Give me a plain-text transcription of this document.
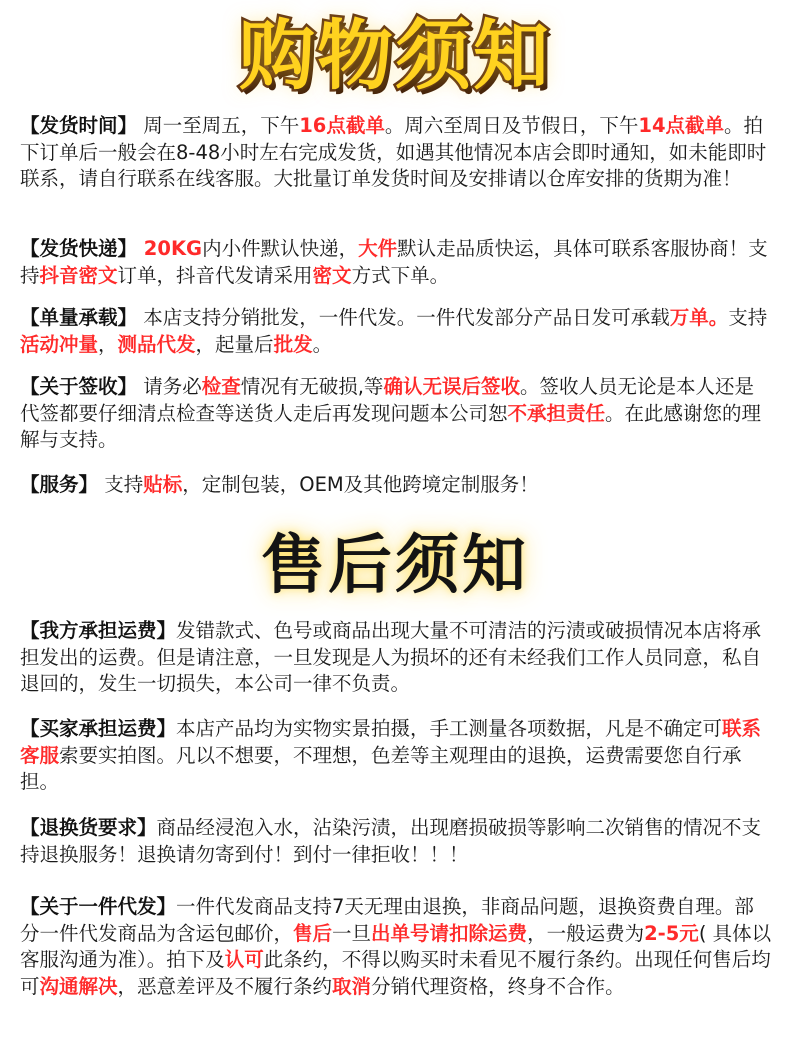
购物须知

【发货时间】 周一至周五，下午16点截单。周六至周日及节假日，下午14点截单。拍下订单后一般会在8-48小时左右完成发货，如遇其他情况本店会即时通知，如未能即时联系，请自行联系在线客服。大批量订单发货时间及安排请以仓库安排的货期为准！

【发货快递】 20KG内小件默认快递，大件默认走品质快运，具体可联系客服协商！支持抖音密文订单，抖音代发请采用密文方式下单。

【单量承载】 本店支持分销批发，一件代发。一件代发部分产品日发可承载万单。支持活动冲量，测品代发，起量后批发。

【关于签收】 请务必检查情况有无破损,等确认无误后签收。签收人员无论是本人还是代签都要仔细清点检查等送货人走后再发现问题本公司恕不承担责任。在此感谢您的理解与支持。

【服务】 支持贴标，定制包装，OEM及其他跨境定制服务！

售后须知

【我方承担运费】发错款式、色号或商品出现大量不可清洁的污渍或破损情况本店将承担发出的运费。但是请注意，一旦发现是人为损坏的还有未经我们工作人员同意，私自退回的，发生一切损失，本公司一律不负责。

【买家承担运费】本店产品均为实物实景拍摄，手工测量各项数据，凡是不确定可联系客服索要实拍图。凡以不想要，不理想，色差等主观理由的退换，运费需要您自行承担。

【退换货要求】商品经浸泡入水，沾染污渍，出现磨损破损等影响二次销售的情况不支持退换服务！退换请勿寄到付！到付一律拒收！！！

【关于一件代发】一件代发商品支持7天无理由退换，非商品问题，退换资费自理。部分一件代发商品为含运包邮价，售后一旦出单号请扣除运费，一般运费为2-5元( 具体以客服沟通为准）。拍下及认可此条约，不得以购买时未看见不履行条约。出现任何售后均可沟通解决，恶意差评及不履行条约取消分销代理资格，终身不合作。
